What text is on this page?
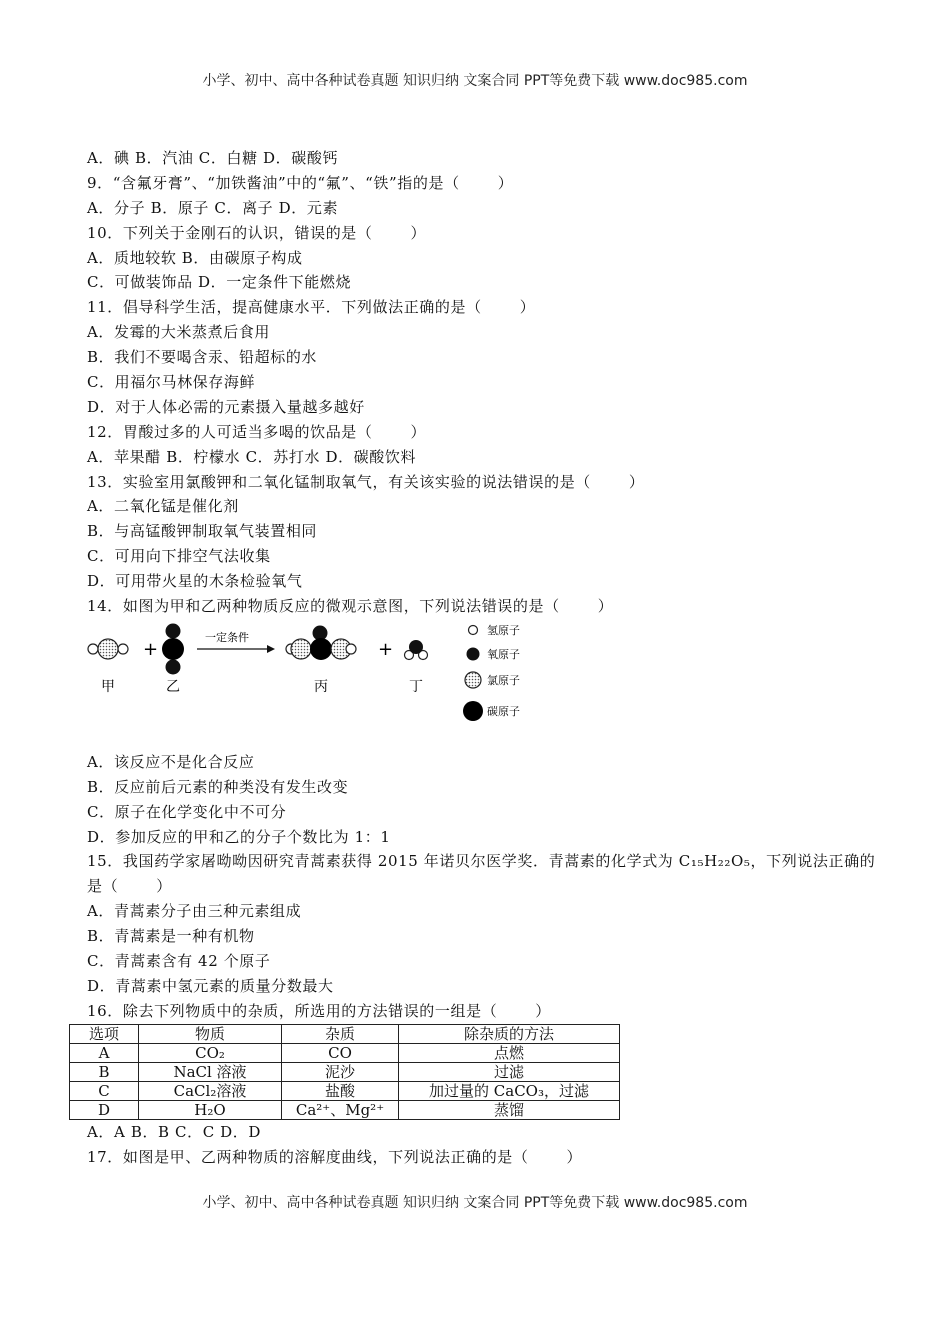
小学、初中、高中各种试卷真题 知识归纳 文案合同 PPT等免费下载 www.doc985.com
A．碘 B．汽油 C．白糖 D．碳酸钙
9．“含氟牙膏”、“加铁酱油”中的“氟”、“铁”指的是（	）
A．分子 B．原子 C．离子 D．元素
10．下列关于金刚石的认识，错误的是（	）
A．质地较软 B．由碳原子构成
C．可做装饰品 D．一定条件下能燃烧
11．倡导科学生活，提高健康水平．下列做法正确的是（	）
A．发霉的大米蒸煮后食用
B．我们不要喝含汞、铅超标的水
C．用福尔马林保存海鲜
D．对于人体必需的元素摄入量越多越好
12．胃酸过多的人可适当多喝的饮品是（	）
A．苹果醋 B．柠檬水 C．苏打水 D．碳酸饮料
13．实验室用氯酸钾和二氧化锰制取氧气，有关该实验的说法错误的是（	）
A．二氧化锰是催化剂
B．与高锰酸钾制取氧气装置相同
C．可用向下排空气法收集
D．可用带火星的木条检验氧气
14．如图为甲和乙两种物质反应的微观示意图，下列说法错误的是（	）
+
一定条件
+
甲	乙	丙	丁
氢原子
氧原子
氯原子
碳原子
A．该反应不是化合反应
B．反应前后元素的种类没有发生改变
C．原子在化学变化中不可分
D．参加反应的甲和乙的分子个数比为 1：1
15．我国药学家屠呦呦因研究青蒿素获得 2015 年诺贝尔医学奖．青蒿素的化学式为 C₁₅H₂₂O₅，下列说法正确的是（	）
A．青蒿素分子由三种元素组成
B．青蒿素是一种有机物
C．青蒿素含有 42 个原子
D．青蒿素中氢元素的质量分数最大
16．除去下列物质中的杂质，所选用的方法错误的一组是（	）
选项	物质	杂质	除杂质的方法
A	CO₂	CO	点燃
B	NaCl 溶液	泥沙	过滤
C	CaCl₂溶液	盐酸	加过量的 CaCO₃，过滤
D	H₂O	Ca²⁺、Mg²⁺	蒸馏
A．A B．B C．C D．D
17．如图是甲、乙两种物质的溶解度曲线，下列说法正确的是（	）
小学、初中、高中各种试卷真题 知识归纳 文案合同 PPT等免费下载 www.doc985.com
